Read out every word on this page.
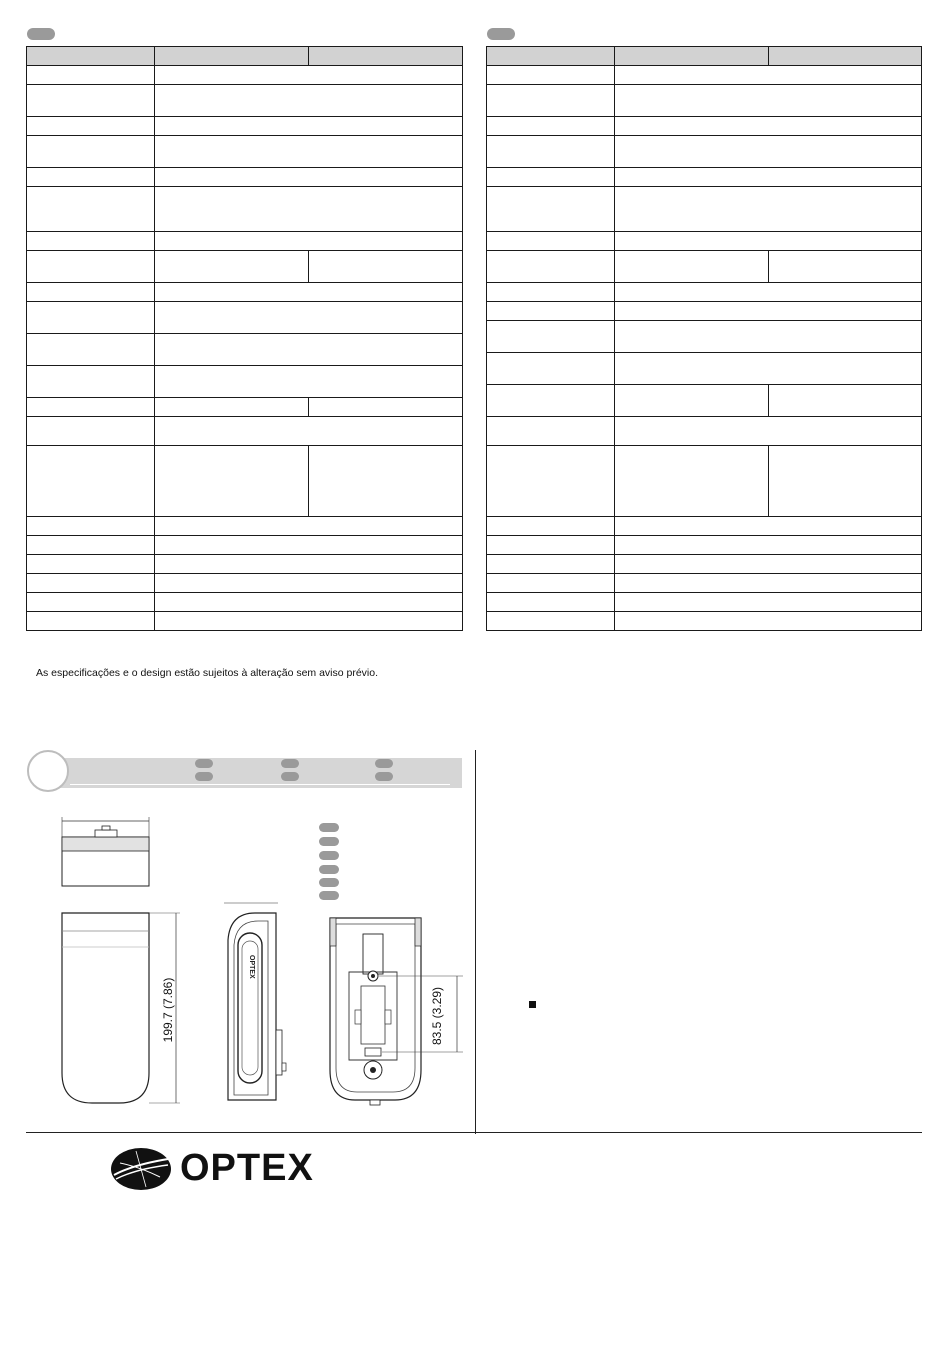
As especificações e o design estão sujeitos à alteração sem aviso prévio.
199.7 (7.86)
OPTEX
83.5 (3.29)
OPTEX
